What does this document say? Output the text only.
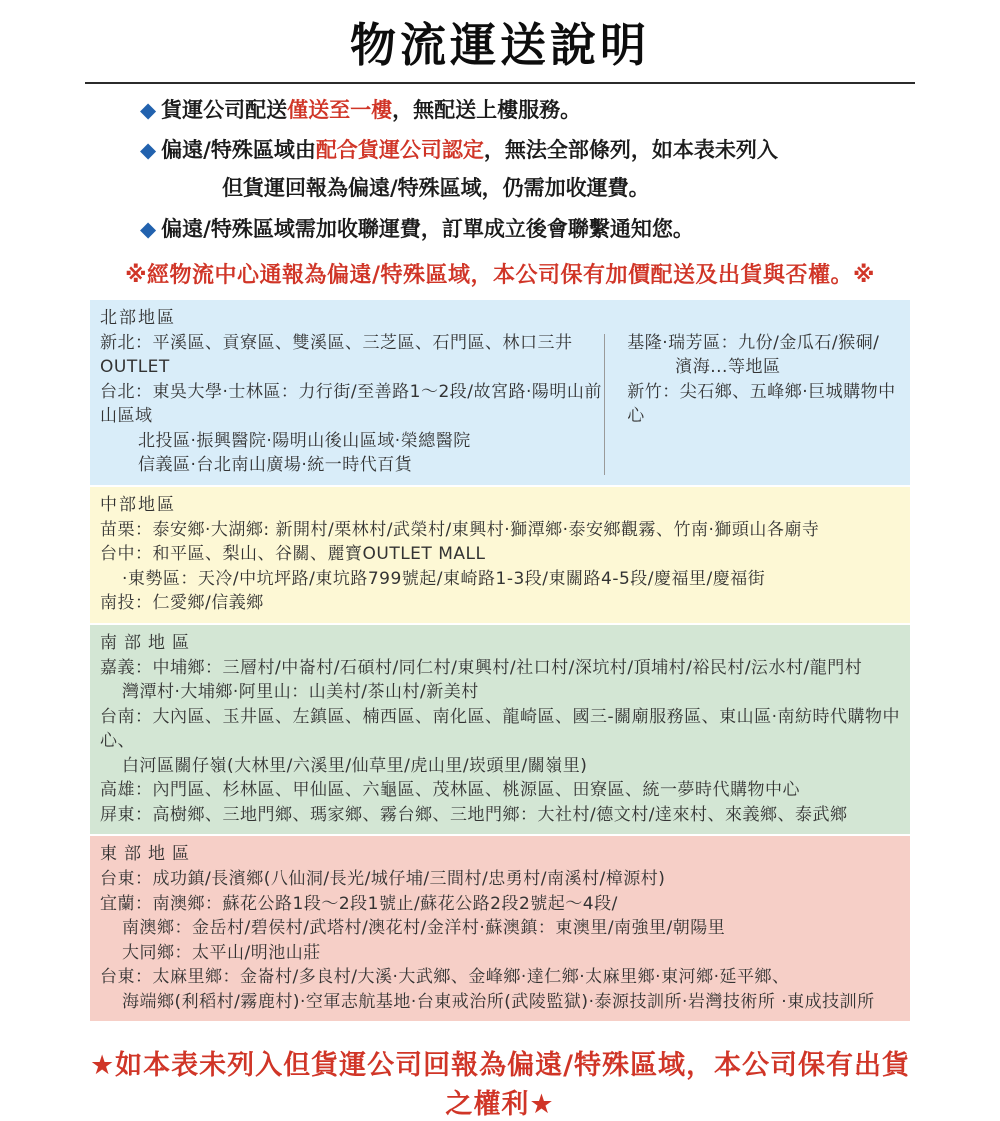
物流運送說明
◆ 貨運公司配送僅送至一樓，無配送上樓服務。
◆ 偏遠/特殊區域由配合貨運公司認定，無法全部條列，如本表未列入
但貨運回報為偏遠/特殊區域，仍需加收運費。
◆ 偏遠/特殊區域需加收聯運費，訂單成立後會聯繫通知您。
※經物流中心通報為偏遠/特殊區域，本公司保有加價配送及出貨與否權。※
北部地區
新北：平溪區、貢寮區、雙溪區、三芝區、石門區、林口三井OUTLET
台北：東吳大學·士林區：力行街/至善路1～2段/故宮路·陽明山前山區域
北投區·振興醫院·陽明山後山區域·榮總醫院
信義區·台北南山廣場·統一時代百貨
基隆·瑞芳區：九份/金瓜石/猴硐/
濱海...等地區
新竹：尖石鄉、五峰鄉·巨城購物中心
中部地區
苗栗：泰安鄉·大湖鄉: 新開村/栗林村/武榮村/東興村·獅潭鄉·泰安鄉觀霧、竹南·獅頭山各廟寺
台中：和平區、梨山、谷關、麗寶OUTLET MALL
·東勢區：天冷/中坑坪路/東坑路799號起/東崎路1-3段/東關路4-5段/慶福里/慶福街
南投：仁愛鄉/信義鄉
南部地區
嘉義：中埔鄉：三層村/中崙村/石碩村/同仁村/東興村/社口村/深坑村/頂埔村/裕民村/沄水村/龍門村
灣潭村·大埔鄉·阿里山：山美村/茶山村/新美村
台南：大內區、玉井區、左鎮區、楠西區、南化區、龍崎區、國三-關廟服務區、東山區·南紡時代購物中心、
白河區關仔嶺(大林里/六溪里/仙草里/虎山里/崁頭里/關嶺里)
高雄：內門區、杉林區、甲仙區、六龜區、茂林區、桃源區、田寮區、統一夢時代購物中心
屏東：高樹鄉、三地門鄉、瑪家鄉、霧台鄉、三地門鄉：大社村/德文村/逹來村、來義鄉、泰武鄉
東部地區
台東：成功鎮/長濱鄉(八仙洞/長光/城仔埔/三間村/忠勇村/南溪村/樟源村)
宜蘭：南澳鄉：蘇花公路1段～2段1號止/蘇花公路2段2號起～4段/
南澳鄉：金岳村/碧侯村/武塔村/澳花村/金洋村·蘇澳鎮：東澳里/南強里/朝陽里
大同鄉：太平山/明池山莊
台東：太麻里鄉：金崙村/多良村/大溪·大武鄉、金峰鄉·達仁鄉·太麻里鄉·東河鄉·延平鄉、
海端鄉(利稻村/霧鹿村)·空軍志航基地·台東戒治所(武陵監獄)·泰源技訓所·岩灣技術所 ·東成技訓所
★如本表未列入但貨運公司回報為偏遠/特殊區域，本公司保有出貨之權利★
